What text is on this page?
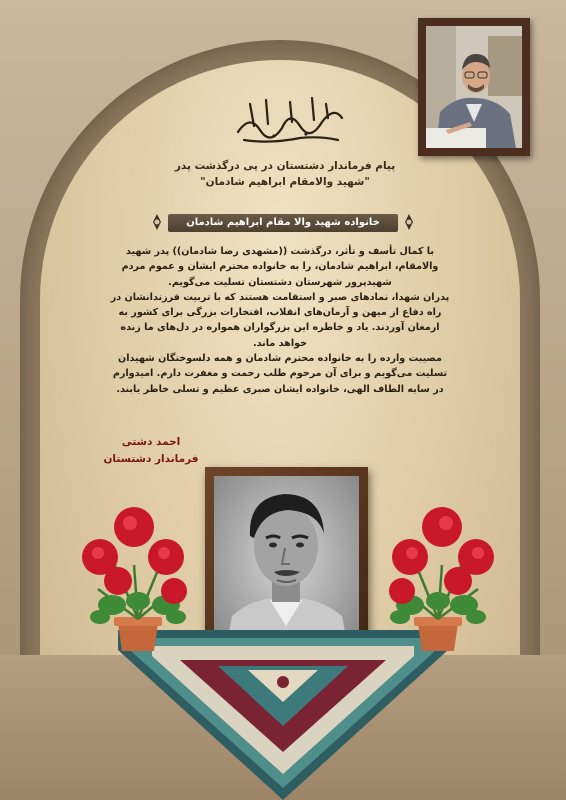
پیام فرماندار دشتستان در پی درگذشت پدر
"شهید والامقام ابراهیم شادمان"
خانواده شهید والا مقام ابراهیم شادمان

با کمال تأسف و تأثر، درگذشت ((مشهدی رضا شادمان)) پدر شهید والامقام، ابراهیم شادمان، را به خانواده محترم ایشان و عموم مردم شهیدپرور شهرستان دشتستان تسلیت می‌گویم.

پدران شهدا، نمادهای صبر و استقامت هستند که با تربیت فرزندانشان در راه دفاع از میهن و آرمان‌های انقلاب، افتخارات بزرگی برای کشور به ارمغان آوردند. یاد و خاطره این بزرگواران همواره در دل‌های ما زنده خواهد ماند.

مصیبت وارده را به خانواده محترم شادمان و همه دلسوختگان شهیدان تسلیت می‌گویم و برای آن مرحوم طلب رحمت و مغفرت دارم. امیدوارم در سایه الطاف الهی، خانواده ایشان صبری عظیم و تسلی خاطر یابند.

احمد دشتی
فرماندار دشتستان
